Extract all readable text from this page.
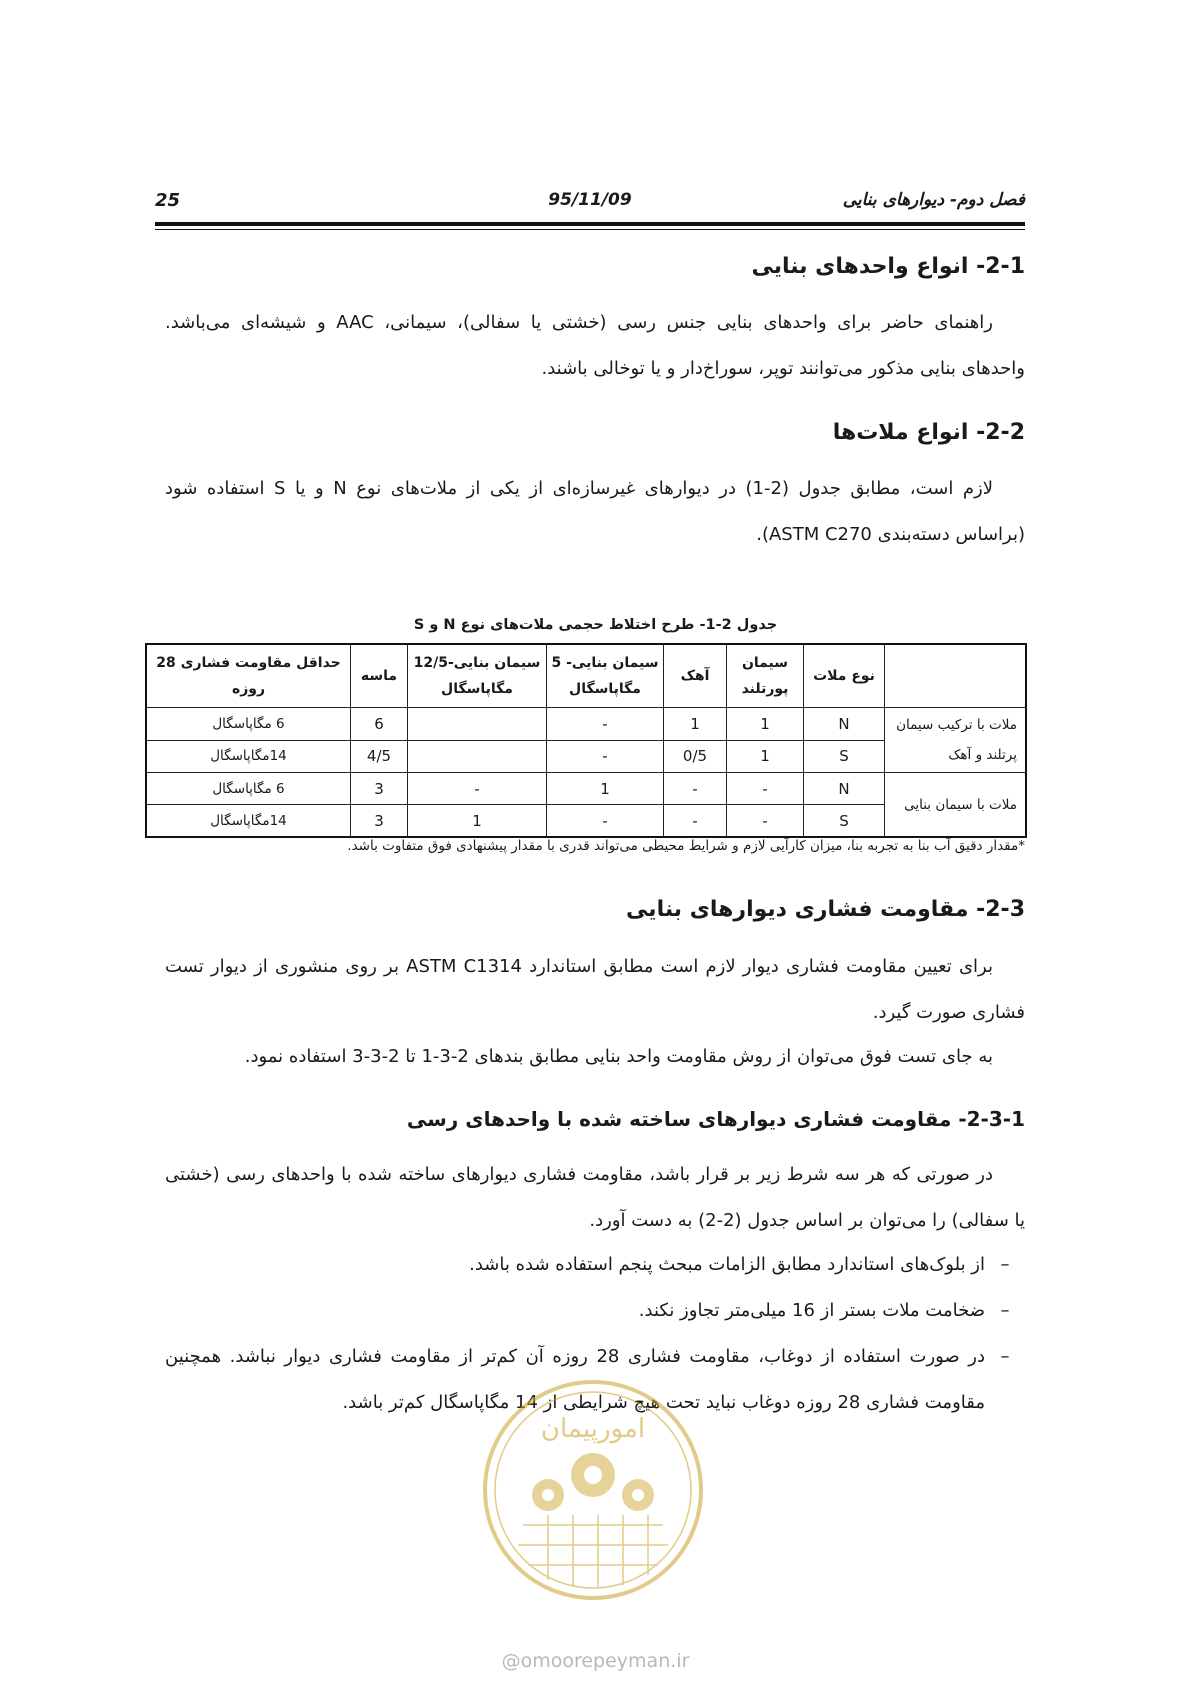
فصل دوم- دیوارهای بنایی
95/11/09
25
2-1- انواع واحدهای بنایی
راهنمای حاضر برای واحدهای بنایی جنس رسی (خشتی یا سفالی)، سیمانی، AAC و شیشه‌ای می‌باشد. واحدهای بنایی مذکور می‌توانند توپر، سوراخ‌دار و یا توخالی باشند.
2-2- انواع ملات‌ها
لازم است، مطابق جدول (2-1) در دیوارهای غیرسازه‌ای از یکی از ملات‌های نوع N و یا S استفاده شود (براساس دسته‌بندی ASTM C270).
جدول 2-1- طرح اختلاط حجمی ملات‌های نوع N و S
	نوع ملات	سیمان پورتلند	آهک	سیمان بنایی- 5 مگاپاسگال	سیمان بنایی-12/5 مگاپاسگال	ماسه	حداقل مقاومت فشاری 28 روزه
ملات با ترکیب سیمان پرتلند و آهک	N	1	1	-		6	6 مگاپاسگال
	S	1	0/5	-		4/5	14مگاپاسگال
ملات با سیمان بنایی	N	-	-	1	-	3	6 مگاپاسگال
	S	-	-	-	1	3	14مگاپاسگال
*مقدار دقیق آب بنا به تجربه بنا، میزان کارآیی لازم و شرایط محیطی می‌تواند قدری با مقدار پیشنهادی فوق متفاوت باشد.
2-3- مقاومت فشاری دیوارهای بنایی
برای تعیین مقاومت فشاری دیوار لازم است مطابق استاندارد ASTM C1314 بر روی منشوری از دیوار تست فشاری صورت گیرد.
به جای تست فوق می‌توان از روش مقاومت واحد بنایی مطابق بندهای 2-3-1 تا 2-3-3 استفاده نمود.
2-3-1- مقاومت فشاری دیوارهای ساخته شده با واحدهای رسی
در صورتی که هر سه شرط زیر بر قرار باشد، مقاومت فشاری دیوارهای ساخته شده با واحدهای رسی (خشتی یا سفالی) را می‌توان بر اساس جدول (2-2) به دست آورد.
–از بلوک‌های استاندارد مطابق الزامات مبحث پنجم استفاده شده باشد.
–ضخامت ملات بستر از 16 میلی‌متر تجاوز نکند.
–
در صورت استفاده از دوغاب، مقاومت فشاری 28 روزه آن کم‌تر از مقاومت فشاری دیوار نباشد. همچنین مقاومت فشاری 28 روزه دوغاب نباید تحت هیچ شرایطی از 14 مگاپاسگال کم‌تر باشد.
امورپیمان
@omoorepeyman.ir
